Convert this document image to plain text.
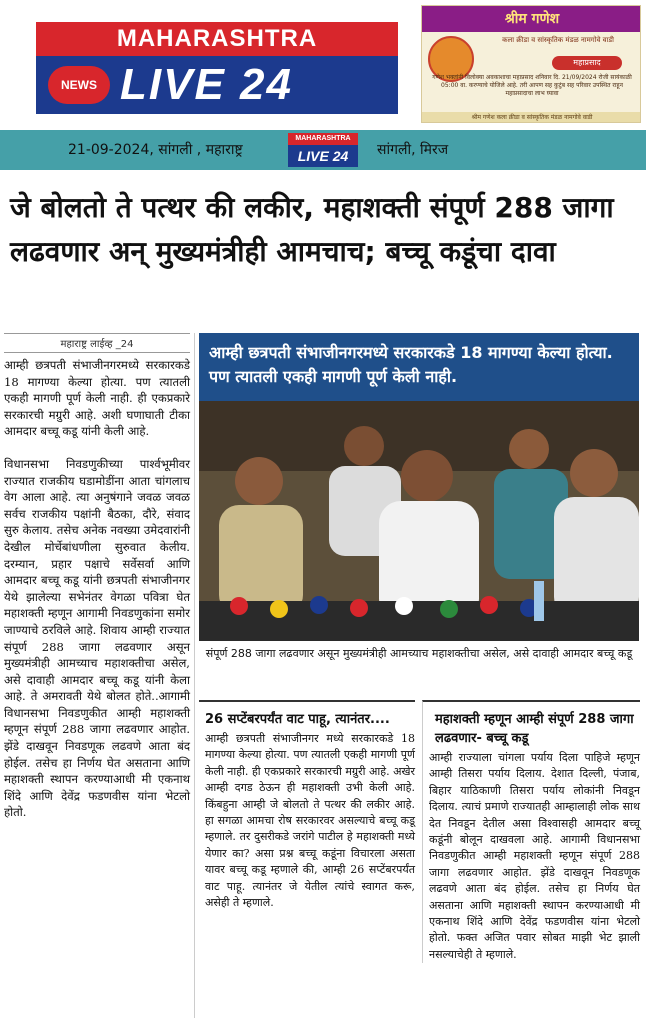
MAHARASHTRA
NEWS LIVE 24
श्रीम गणेश
कला क्रीडा व सांस्कृतिक मंडळ नामगोवे वाडी
महाप्रसाद
गणेश भक्तांनी विलोक्या अवकाशाचा महाप्रसाद शनिवार दि. 21/09/2024 रोजी सायंकाळी 05:00 वा. करण्याचे योजिले आहे. तरी आपण सह कुटुंब सह परिवार उपस्थित राहून महाप्रसादाचा लाभ घ्यावा
श्रीम गणेश कला क्रीडा व सांस्कृतिक मंडळ नामगोवे वाडी
21-09-2024, सांगली , महाराष्ट्र
MAHARASHTRA
LIVE 24	सांगली, मिरज
जे बोलतो ते पत्थर की लकीर, महाशक्ती संपूर्ण 288 जागा लढवणार अन् मुख्यमंत्रीही आमचाच; बच्चू कडूंचा दावा
महाराष्ट्र लाईव्ह _24

आम्ही छत्रपती संभाजीनगरमध्ये सरकारकडे 18 मागण्या केल्या होत्या. पण त्यातली एकही मागणी पूर्ण केली नाही. ही एकप्रकारे सरकारची मग्रुरी आहे. अशी घणाघाती टीका आमदार बच्चू कडू यांनी केली आहे.

विधानसभा निवडणुकीच्या पार्श्वभूमीवर राज्यात राजकीय घडामोडींना आता चांगलाच वेग आला आहे. त्या अनुषंगाने जवळ जवळ सर्वच राजकीय पक्षांनी बैठका, दौरे, संवाद सुरु केलाय. तसेच अनेक नवख्या उमेदवारांनी देखील मोर्चेबांधणीला सुरुवात केलीय. दरम्यान, प्रहार पक्षाचे सर्वेसर्वा आणि आमदार बच्चू कडू यांनी छत्रपती संभाजीनगर येथे झालेल्या सभेनंतर वेगळा पवित्रा घेत महाशक्ती म्हणून आगामी निवडणुकांना समोर जाण्याचे ठरविले आहे. शिवाय आम्ही राज्यात संपूर्ण 288 जागा लढवणार असून मुख्यमंत्रीही आमच्याच महाशक्तीचा असेल, असे दावाही आमदार बच्चू कडू यांनी केला आहे. ते अमरावती येथे बोलत होते..आगामी विधानसभा निवडणुकीत आम्ही महाशक्ती म्हणून संपूर्ण 288 जागा लढवणार आहोत. झेंडे दाखवून निवडणूक लढवणे आता बंद होईल. तसेच हा निर्णय घेत असताना आणि महाशक्ती स्थापन करण्याआधी मी एकनाथ शिंदे आणि देवेंद्र फडणवीस यांना भेटलो होतो.

आम्ही छत्रपती संभाजीनगरमध्ये सरकारकडे 18 मागण्या केल्या होत्या. पण त्यातली एकही मागणी पूर्ण केली नाही.
संपूर्ण 288 जागा लढवणार असून मुख्यमंत्रीही आमच्याच महाशक्तीचा असेल, असे दावाही आमदार बच्चू कडू
26 सप्टेंबरपर्यंत वाट पाहू, त्यानंतर....

आम्ही छत्रपती संभाजीनगर मध्ये सरकारकडे 18 मागण्या केल्या होत्या. पण त्यातली एकही मागणी पूर्ण केली नाही. ही एकप्रकारे सरकारची मग्रुरी आहे. अखेर आम्ही दगड ठेऊन ही महाशक्ती उभी केली आहे. किंबहुना आम्ही जे बोलतो ते पत्थर की लकीर आहे. हा सगळा आमचा रोष सरकारवर असल्याचे बच्चू कडू म्हणाले. तर दुसरीकडे जरांगे पाटील हे महाशक्ती मध्ये येणार का? असा प्रश्न बच्चू कडूंना विचारला असता यावर बच्चू कडू म्हणाले की, आम्ही 26 सप्टेंबरपर्यंत वाट पाहू. त्यानंतर जे येतील त्यांचे स्वागत करू, असेही ते म्हणाले.

महाशक्ती म्हणून आम्ही संपूर्ण 288 जागा लढवणार- बच्चू कडू

आम्ही राज्याला चांगला पर्याय दिला पाहिजे म्हणून आम्ही तिसरा पर्याय दिलाय. देशात दिल्ली, पंजाब, बिहार याठिकाणी तिसरा पर्याय लोकांनी निवडून दिलाय. त्याचं प्रमाणे राज्यातही आम्हालाही लोक साथ देत निवडून देतील असा विश्वासही आमदार बच्चू कडूंनी बोलून दाखवला आहे. आगामी विधानसभा निवडणुकीत आम्ही महाशक्ती म्हणून संपूर्ण 288 जागा लढवणार आहोत. झेंडे दाखवून निवडणूक लढवणे आता बंद होईल. तसेच हा निर्णय घेत असताना आणि महाशक्ती स्थापन करण्याआधी मी एकनाथ शिंदे आणि देवेंद्र फडणवीस यांना भेटलो होतो. फक्त अजित पवार सोबत माझी भेट झाली नसल्याचेही ते म्हणाले.
